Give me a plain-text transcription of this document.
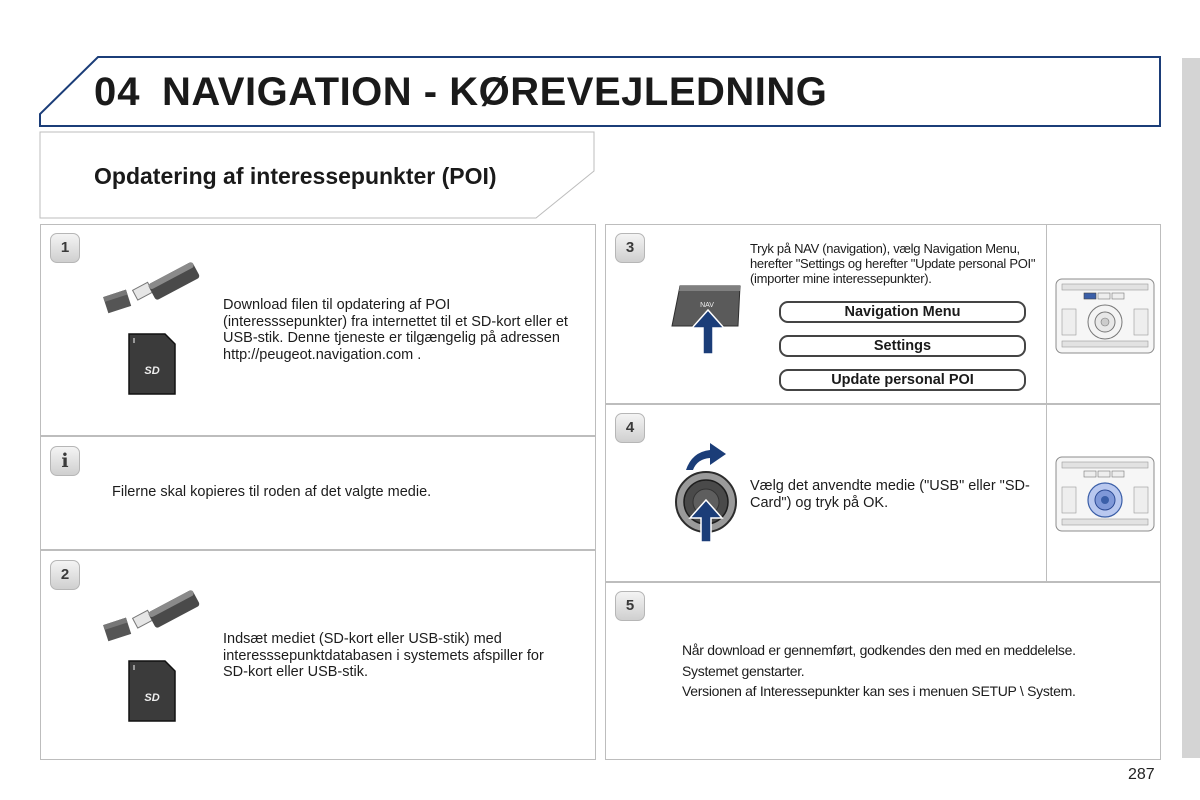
04 NAVIGATION - KØREVEJLEDNING
Opdatering af interessepunkter (POI)
1
SD
Download filen til opdatering af POI (interesssepunkter) fra internettet til et SD-kort eller et USB-stik. Denne tjeneste er tilgængelig på adressen http://peugeot.navigation.com .
i
Filerne skal kopieres til roden af det valgte medie.
2
SD
Indsæt mediet (SD-kort eller USB-stik) med interesssepunktdatabasen i systemets afspiller for SD-kort eller USB-stik.
3
NAV
Tryk på NAV (navigation), vælg Navigation Menu, herefter "Settings og herefter "Update personal POI" (importer mine interessepunkter).
Navigation Menu
Settings
Update personal POI
4
Vælg det anvendte medie ("USB" eller "SD-Card") og tryk på OK.
5
Når download er gennemført, godkendes den med en meddelelse.
Systemet genstarter.
Versionen af Interessepunkter kan ses i menuen SETUP \ System.
287
